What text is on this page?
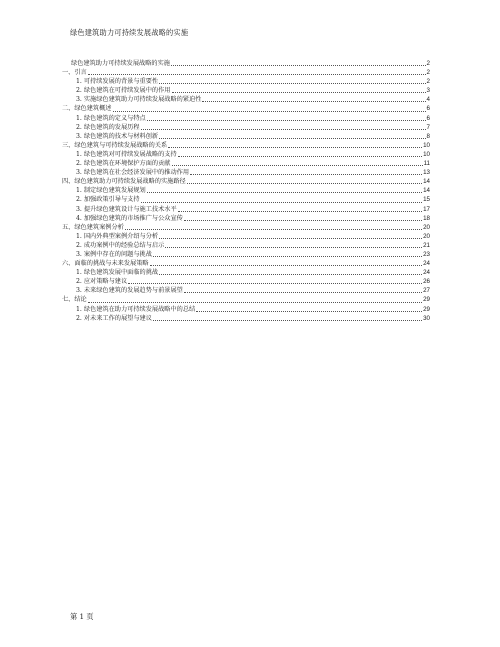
绿色建筑助力可持续发展战略的实施
绿色建筑助力可持续发展战略的实施	2
一、引言	2
1. 可持续发展的背景与重要性	2
2. 绿色建筑在可持续发展中的作用	3
3. 实施绿色建筑助力可持续发展战略的紧迫性	4
二、绿色建筑概述	6
1. 绿色建筑的定义与特点	6
2. 绿色建筑的发展历程	7
3. 绿色建筑的技术与材料创新	8
三、绿色建筑与可持续发展战略的关系	10
1. 绿色建筑对可持续发展战略的支持	10
2. 绿色建筑在环境保护方面的贡献	11
3. 绿色建筑在社会经济发展中的推动作用	13
四、绿色建筑助力可持续发展战略的实施路径	14
1. 制定绿色建筑发展规划	14
2. 加强政策引导与支持	15
3. 提升绿色建筑设计与施工技术水平	17
4. 加强绿色建筑的市场推广与公众宣传	18
五、绿色建筑案例分析	20
1. 国内外典型案例介绍与分析	20
2. 成功案例中的经验总结与启示	21
3. 案例中存在的问题与挑战	23
六、面临的挑战与未来发展策略	24
1. 绿色建筑发展中面临的挑战	24
2. 应对策略与建议	26
3. 未来绿色建筑的发展趋势与前景展望	27
七、结论	29
1. 绿色建筑在助力可持续发展战略中的总结	29
2. 对未来工作的展望与建议	30
第 1 页
